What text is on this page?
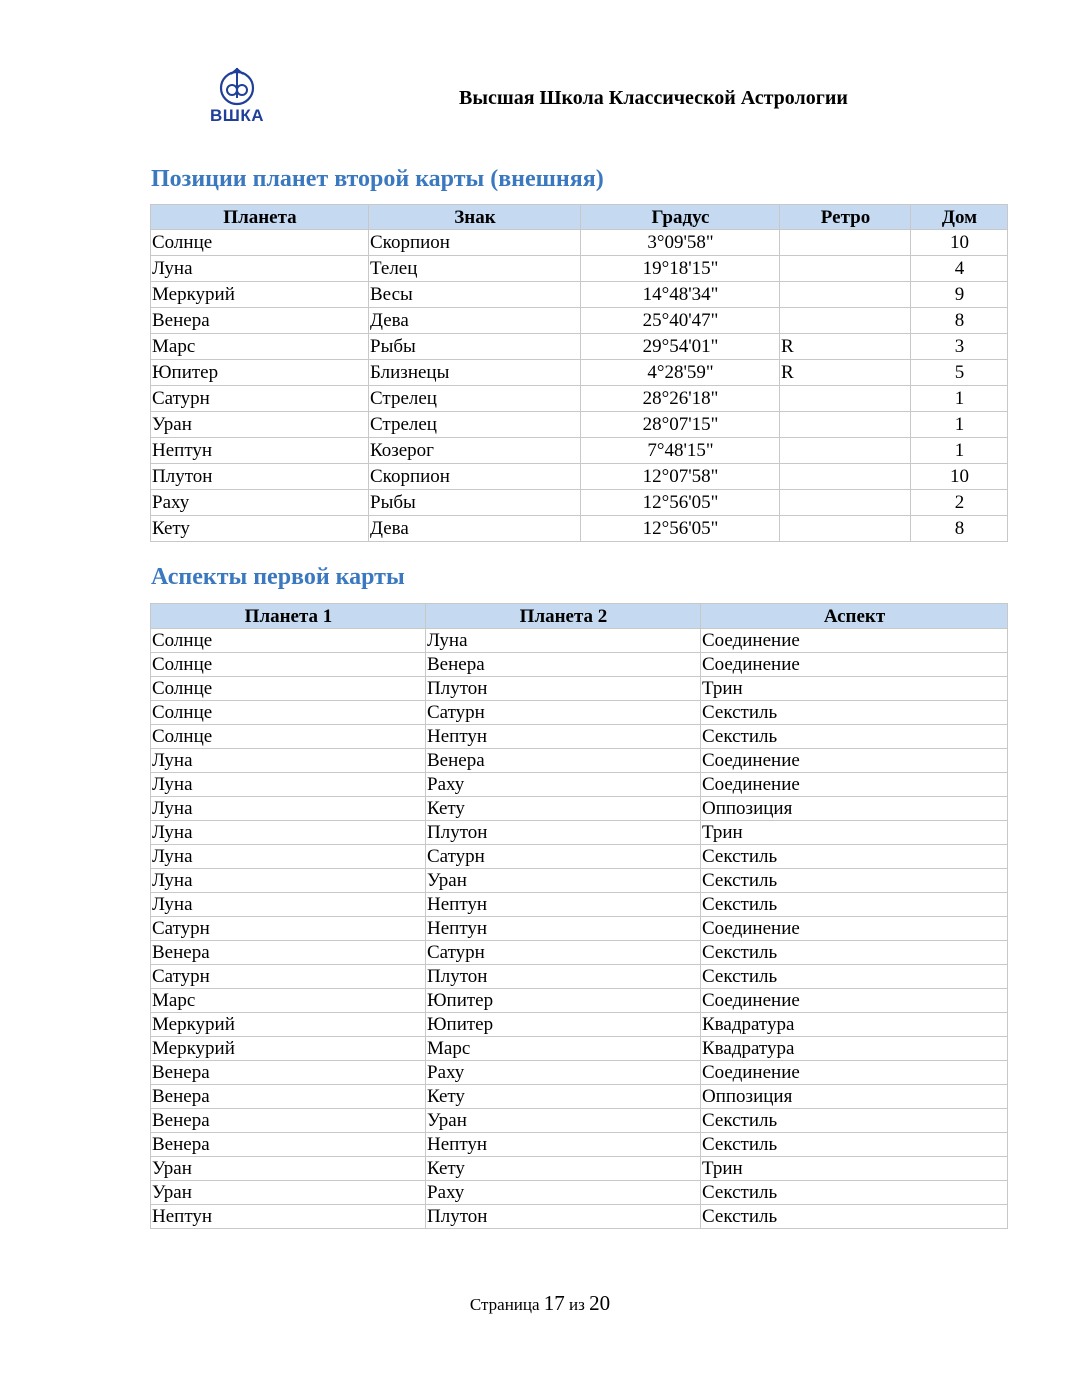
ВШКА
Высшая Школа Классической Астрологии
Позиции планет второй карты (внешняя)
Планета	Знак	Градус	Ретро	Дом
Солнце	Скорпион	3°09'58"		10
Луна	Телец	19°18'15"		4
Меркурий	Весы	14°48'34"		9
Венера	Дева	25°40'47"		8
Марс	Рыбы	29°54'01"	R	3
Юпитер	Близнецы	4°28'59"	R	5
Сатурн	Стрелец	28°26'18"		1
Уран	Стрелец	28°07'15"		1
Нептун	Козерог	7°48'15"		1
Плутон	Скорпион	12°07'58"		10
Раху	Рыбы	12°56'05"		2
Кету	Дева	12°56'05"		8
Аспекты первой карты
Планета 1	Планета 2	Аспект
Солнце	Луна	Соединение
Солнце	Венера	Соединение
Солнце	Плутон	Трин
Солнце	Сатурн	Секстиль
Солнце	Нептун	Секстиль
Луна	Венера	Соединение
Луна	Раху	Соединение
Луна	Кету	Оппозиция
Луна	Плутон	Трин
Луна	Сатурн	Секстиль
Луна	Уран	Секстиль
Луна	Нептун	Секстиль
Сатурн	Нептун	Соединение
Венера	Сатурн	Секстиль
Сатурн	Плутон	Секстиль
Марс	Юпитер	Соединение
Меркурий	Юпитер	Квадратура
Меркурий	Марс	Квадратура
Венера	Раху	Соединение
Венера	Кету	Оппозиция
Венера	Уран	Секстиль
Венера	Нептун	Секстиль
Уран	Кету	Трин
Уран	Раху	Секстиль
Нептун	Плутон	Секстиль
Страница 17 из 20
